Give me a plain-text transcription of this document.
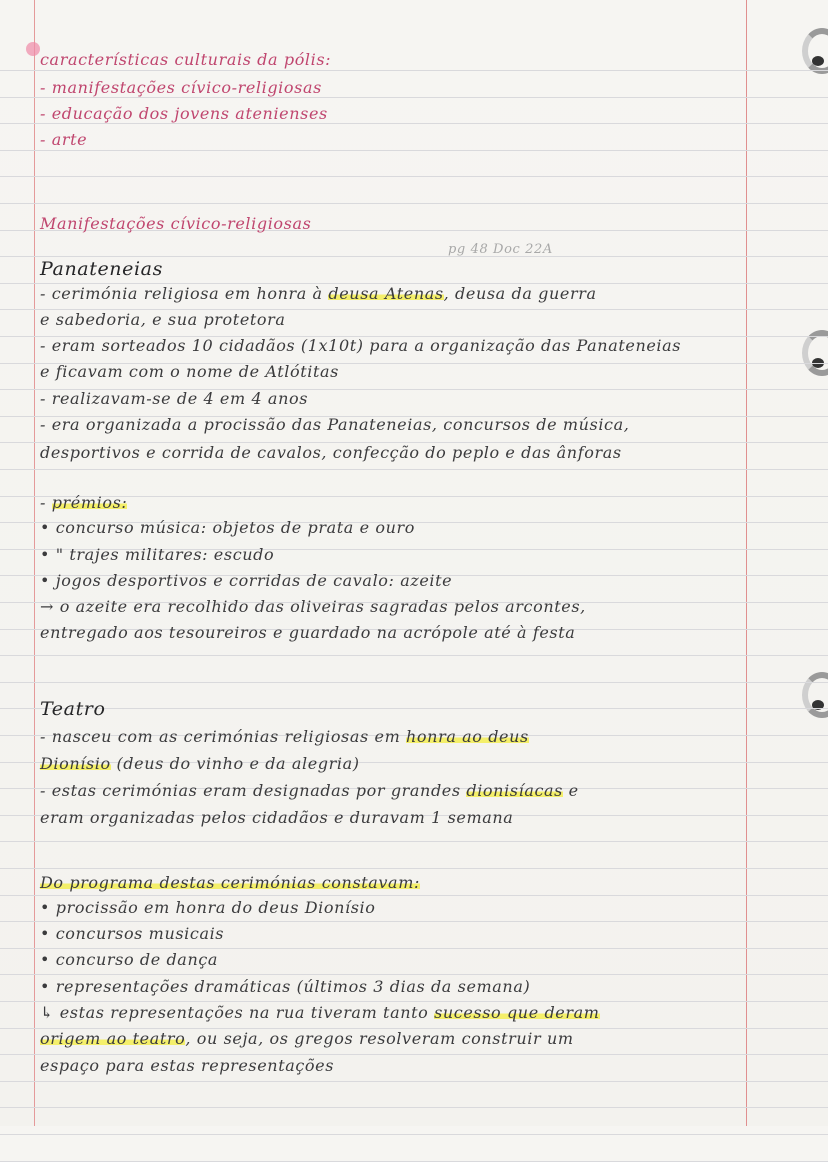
características culturais da pólis:
- manifestações cívico-religiosas
- educação dos jovens atenienses
- arte
Manifestações cívico-religiosas
pg 48 Doc 22A
Panateneias
- cerimónia religiosa em honra à deusa Atenas, deusa da guerra
e sabedoria, e sua protetora
- eram sorteados 10 cidadãos (1x10t) para a organização das Panateneias
e ficavam com o nome de Atlótitas
- realizavam-se de 4 em 4 anos
- era organizada a procissão das Panateneias, concursos de música,
desportivos e corrida de cavalos, confecção do peplo e das ânforas
- prémios:
• concurso música: objetos de prata e ouro
• " trajes militares: escudo
• jogos desportivos e corridas de cavalo: azeite
→ o azeite era recolhido das oliveiras sagradas pelos arcontes,
entregado aos tesoureiros e guardado na acrópole até à festa
Teatro
- nasceu com as cerimónias religiosas em honra ao deus
Dionísio (deus do vinho e da alegria)
- estas cerimónias eram designadas por grandes dionisíacas e
eram organizadas pelos cidadãos e duravam 1 semana
Do programa destas cerimónias constavam:
• procissão em honra do deus Dionísio
• concursos musicais
• concurso de dança
• representações dramáticas (últimos 3 dias da semana)
↳ estas representações na rua tiveram tanto sucesso que deram
origem ao teatro, ou seja, os gregos resolveram construir um
espaço para estas representações
